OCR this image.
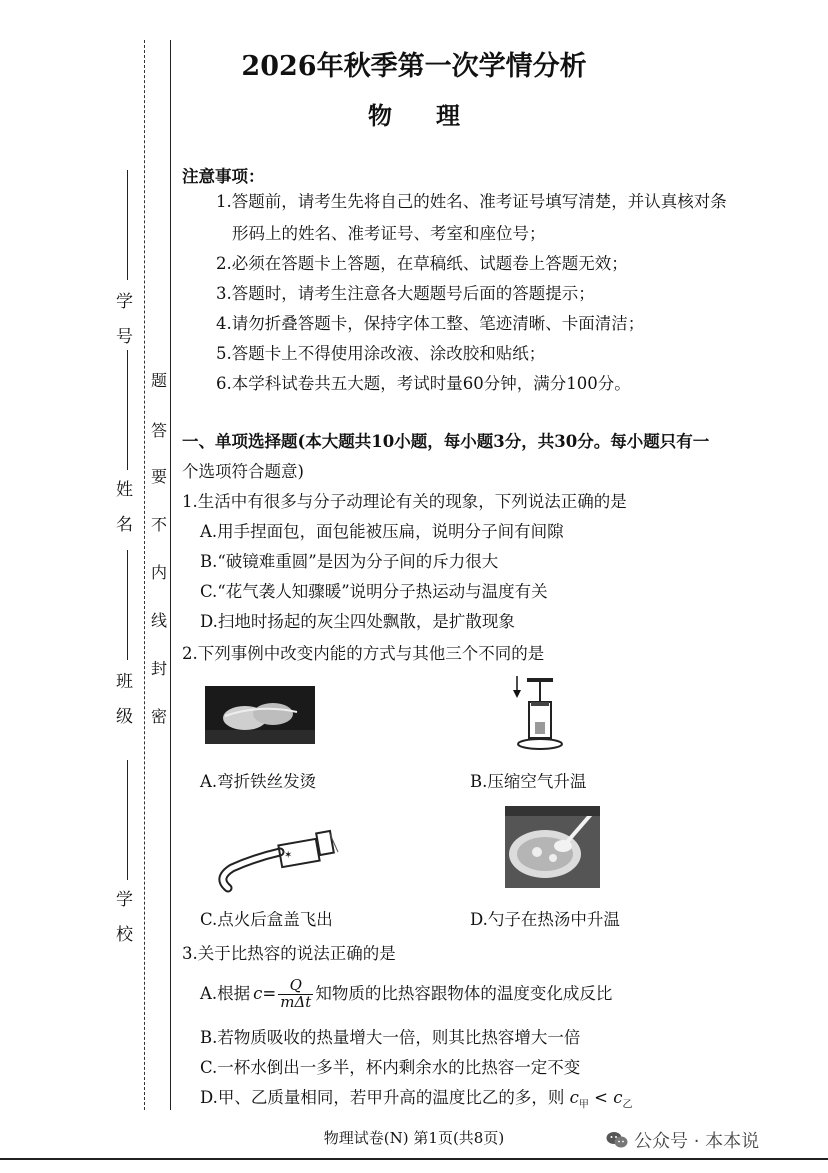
学号
姓名
班级
学校
题
答
要
不
内
线
封
密
2026年秋季第一次学情分析
物理
注意事项：
1.答题前，请考生先将自己的姓名、准考证号填写清楚，并认真核对条
形码上的姓名、准考证号、考室和座位号；
2.必须在答题卡上答题，在草稿纸、试题卷上答题无效；
3.答题时，请考生注意各大题题号后面的答题提示；
4.请勿折叠答题卡，保持字体工整、笔迹清晰、卡面清洁；
5.答题卡上不得使用涂改液、涂改胶和贴纸；
6.本学科试卷共五大题，考试时量60分钟，满分100分。
一、单项选择题(本大题共10小题，每小题3分，共30分。每小题只有一
个选项符合题意)
1.生活中有很多与分子动理论有关的现象，下列说法正确的是
A.用手捏面包，面包能被压扁，说明分子间有间隙
B.“破镜难重圆”是因为分子间的斥力很大
C.“花气袭人知骤暖”说明分子热运动与温度有关
D.扫地时扬起的灰尘四处飘散，是扩散现象
2.下列事例中改变内能的方式与其他三个不同的是
A.弯折铁丝发烫	B.压缩空气升温
✶
C.点火后盒盖飞出	D.勺子在热汤中升温
3.关于比热容的说法正确的是
A.根据 $c = \frac{Q}{\text{mΔt}}$ 知物质的比热容跟物体的温度变化成反比
B.若物质吸收的热量增大一倍，则其比热容增大一倍
C.一杯水倒出一多半，杯内剩余水的比热容一定不变
D.甲、乙质量相同，若甲升高的温度比乙的多，则 $c_甲 < c_乙$
物理试卷(N) 第1页(共8页)	公众号 · 本本说
